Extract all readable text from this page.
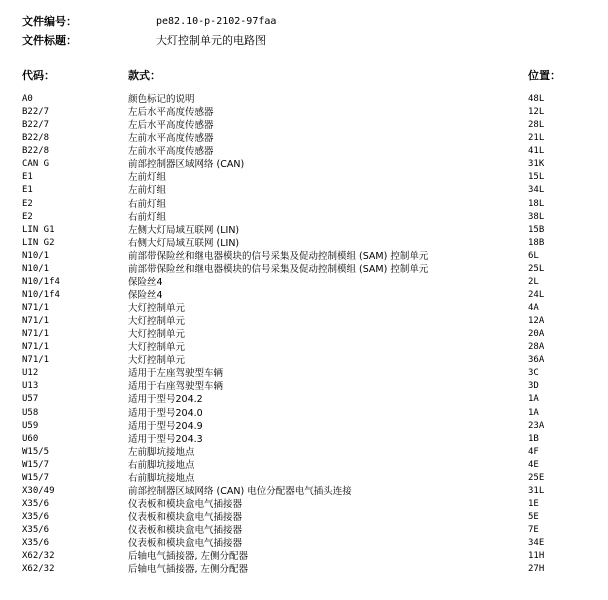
文件编号：	pe82.10-p-2102-97faa
文件标题：	大灯控制单元的电路图
代码：	款式：	位置：
A0	颜色标记的说明	48L
B22/7	左后水平高度传感器	12L
B22/7	左后水平高度传感器	28L
B22/8	左前水平高度传感器	21L
B22/8	左前水平高度传感器	41L
CAN G	前部控制器区域网络 (CAN)	31K
E1	左前灯组	15L
E1	左前灯组	34L
E2	右前灯组	18L
E2	右前灯组	38L
LIN G1	左侧大灯局域互联网 (LIN)	15B
LIN G2	右侧大灯局域互联网 (LIN)	18B
N10/1	前部带保险丝和继电器模块的信号采集及促动控制模组 (SAM) 控制单元	6L
N10/1	前部带保险丝和继电器模块的信号采集及促动控制模组 (SAM) 控制单元	25L
N10/1f4	保险丝4	2L
N10/1f4	保险丝4	24L
N71/1	大灯控制单元	4A
N71/1	大灯控制单元	12A
N71/1	大灯控制单元	20A
N71/1	大灯控制单元	28A
N71/1	大灯控制单元	36A
U12	适用于左座驾驶型车辆	3C
U13	适用于右座驾驶型车辆	3D
U57	适用于型号204.2	1A
U58	适用于型号204.0	1A
U59	适用于型号204.9	23A
U60	适用于型号204.3	1B
W15/5	左前脚坑接地点	4F
W15/7	右前脚坑接地点	4E
W15/7	右前脚坑接地点	25E
X30/49	前部控制器区域网络 (CAN) 电位分配器电气插头连接	31L
X35/6	仪表板和模块盒电气插接器	1E
X35/6	仪表板和模块盒电气插接器	5E
X35/6	仪表板和模块盒电气插接器	7E
X35/6	仪表板和模块盒电气插接器	34E
X62/32	后轴电气插接器, 左侧分配器	11H
X62/32	后轴电气插接器, 左侧分配器	27H
